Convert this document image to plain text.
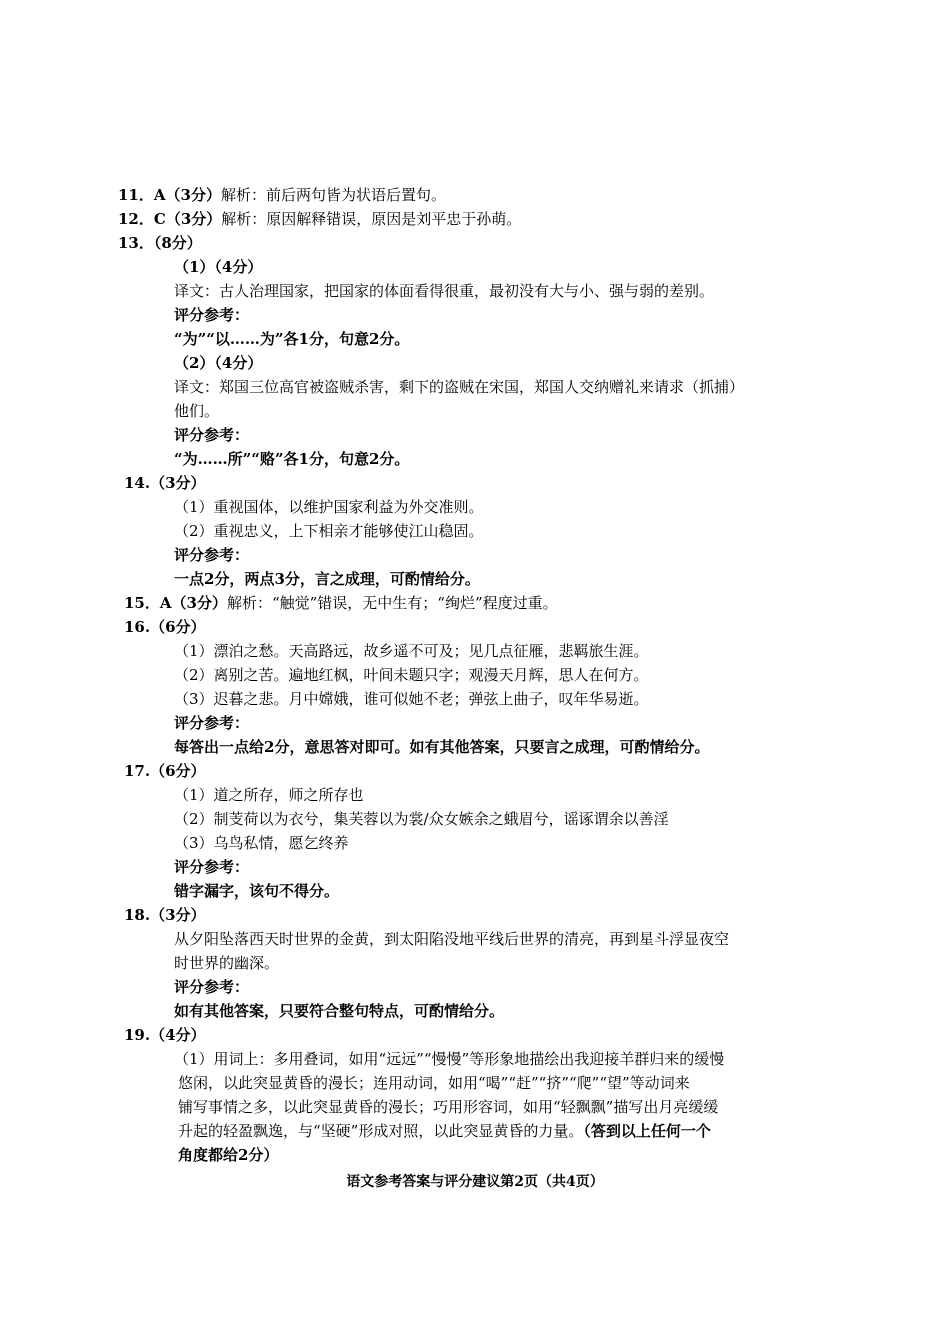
11．A（3分）解析：前后两句皆为状语后置句。
12．C（3分）解析：原因解释错误，原因是刘平忠于孙萌。
13．（8分）
（1）（4分）
译文：古人治理国家，把国家的体面看得很重，最初没有大与小、强与弱的差别。
评分参考：
“为”“以……为”各1分，句意2分。
（2）（4分）
译文：郑国三位高官被盗贼杀害，剩下的盗贼在宋国，郑国人交纳赠礼来请求（抓捕）
他们。
评分参考：
“为……所”“赂”各1分，句意2分。
14.（3分）
（1）重视国体，以维护国家利益为外交准则。
（2）重视忠义，上下相亲才能够使江山稳固。
评分参考：
一点2分，两点3分，言之成理，可酌情给分。
15．A（3分）解析：“触觉”错误，无中生有；“绚烂”程度过重。
16.（6分）
（1）漂泊之愁。天高路远，故乡遥不可及；见几点征雁，悲羁旅生涯。
（2）离别之苦。遍地红枫，叶间未题只字；观漫天月辉，思人在何方。
（3）迟暮之悲。月中嫦娥，谁可似她不老；弹弦上曲子，叹年华易逝。
评分参考：
每答出一点给2分，意思答对即可。如有其他答案，只要言之成理，可酌情给分。
17.（6分）
（1）道之所存，师之所存也
（2）制芰荷以为衣兮，集芙蓉以为裳/众女嫉余之蛾眉兮，谣诼谓余以善淫
（3）乌鸟私情，愿乞终养
评分参考：
错字漏字，该句不得分。
18.（3分）
从夕阳坠落西天时世界的金黄，到太阳陷没地平线后世界的清亮，再到星斗浮显夜空
时世界的幽深。
评分参考：
如有其他答案，只要符合整句特点，可酌情给分。
19.（4分）
（1）用词上：多用叠词，如用“远远”“慢慢”等形象地描绘出我迎接羊群归来的缓慢
悠闲，以此突显黄昏的漫长；连用动词，如用“喝”“赶”“挤”“爬”“望”等动词来
铺写事情之多，以此突显黄昏的漫长；巧用形容词，如用“轻飘飘”描写出月亮缓缓
升起的轻盈飘逸，与“坚硬”形成对照，以此突显黄昏的力量。（答到以上任何一个
角度都给2分）
语文参考答案与评分建议第2页（共4页）
